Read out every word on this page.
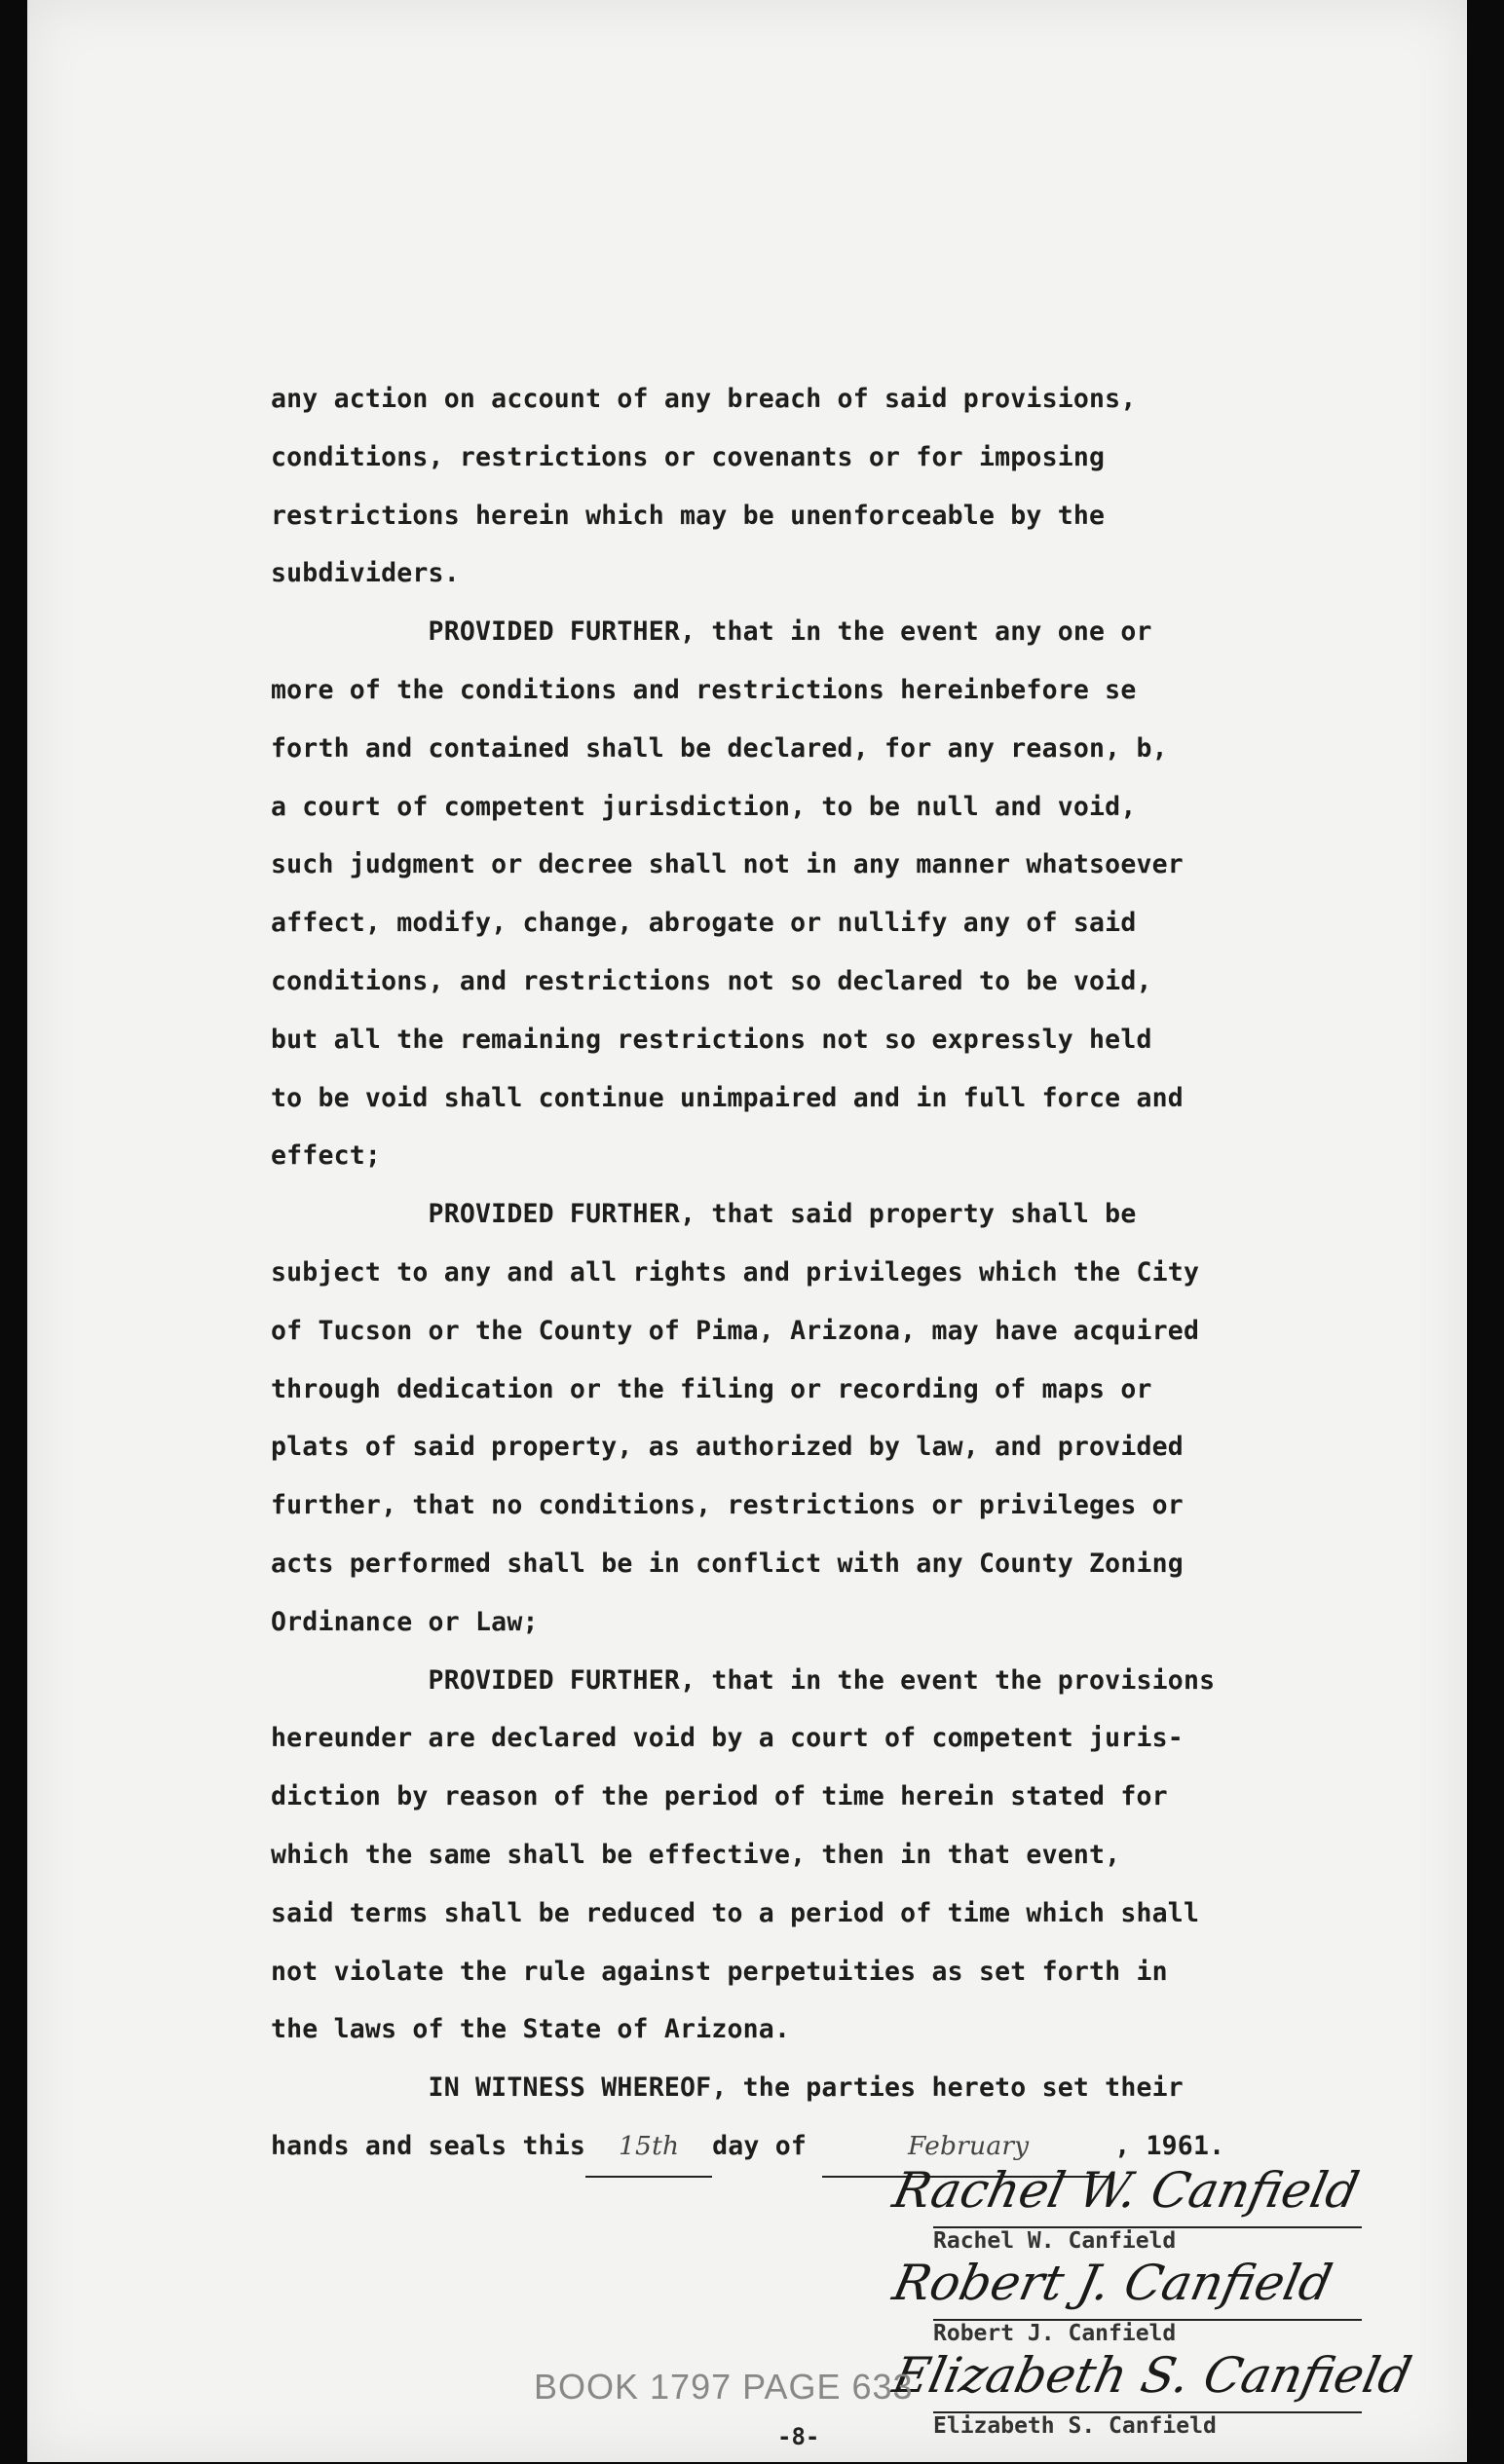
any action on account of any breach of said provisions,
conditions, restrictions or covenants or for imposing
restrictions herein which may be unenforceable by the
subdividers.
PROVIDED FURTHER, that in the event any one or
more of the conditions and restrictions hereinbefore se
forth and contained shall be declared, for any reason, b,
a court of competent jurisdiction, to be null and void,
such judgment or decree shall not in any manner whatsoever
affect, modify, change, abrogate or nullify any of said
conditions, and restrictions not so declared to be void,
but all the remaining restrictions not so expressly held
to be void shall continue unimpaired and in full force and
effect;
PROVIDED FURTHER, that said property shall be
subject to any and all rights and privileges which the City
of Tucson or the County of Pima, Arizona, may have acquired
through dedication or the filing or recording of maps or
plats of said property, as authorized by law, and provided
further, that no conditions, restrictions or privileges or
acts performed shall be in conflict with any County Zoning
Ordinance or Law;
PROVIDED FURTHER, that in the event the provisions
hereunder are declared void by a court of competent juris-
diction by reason of the period of time herein stated for
which the same shall be effective, then in that event,
said terms shall be reduced to a period of time which shall
not violate the rule against perpetuities as set forth in
the laws of the State of Arizona.
IN WITNESS WHEREOF, the parties hereto set their
hands and seals this 15th day of	February	, 1961.
Rachel W. Canfield
Rachel W. Canfield
Robert J. Canfield
Robert J. Canfield
Elizabeth S. Canfield
Elizabeth S. Canfield
BOOK 1797 PAGE 633
-8-
